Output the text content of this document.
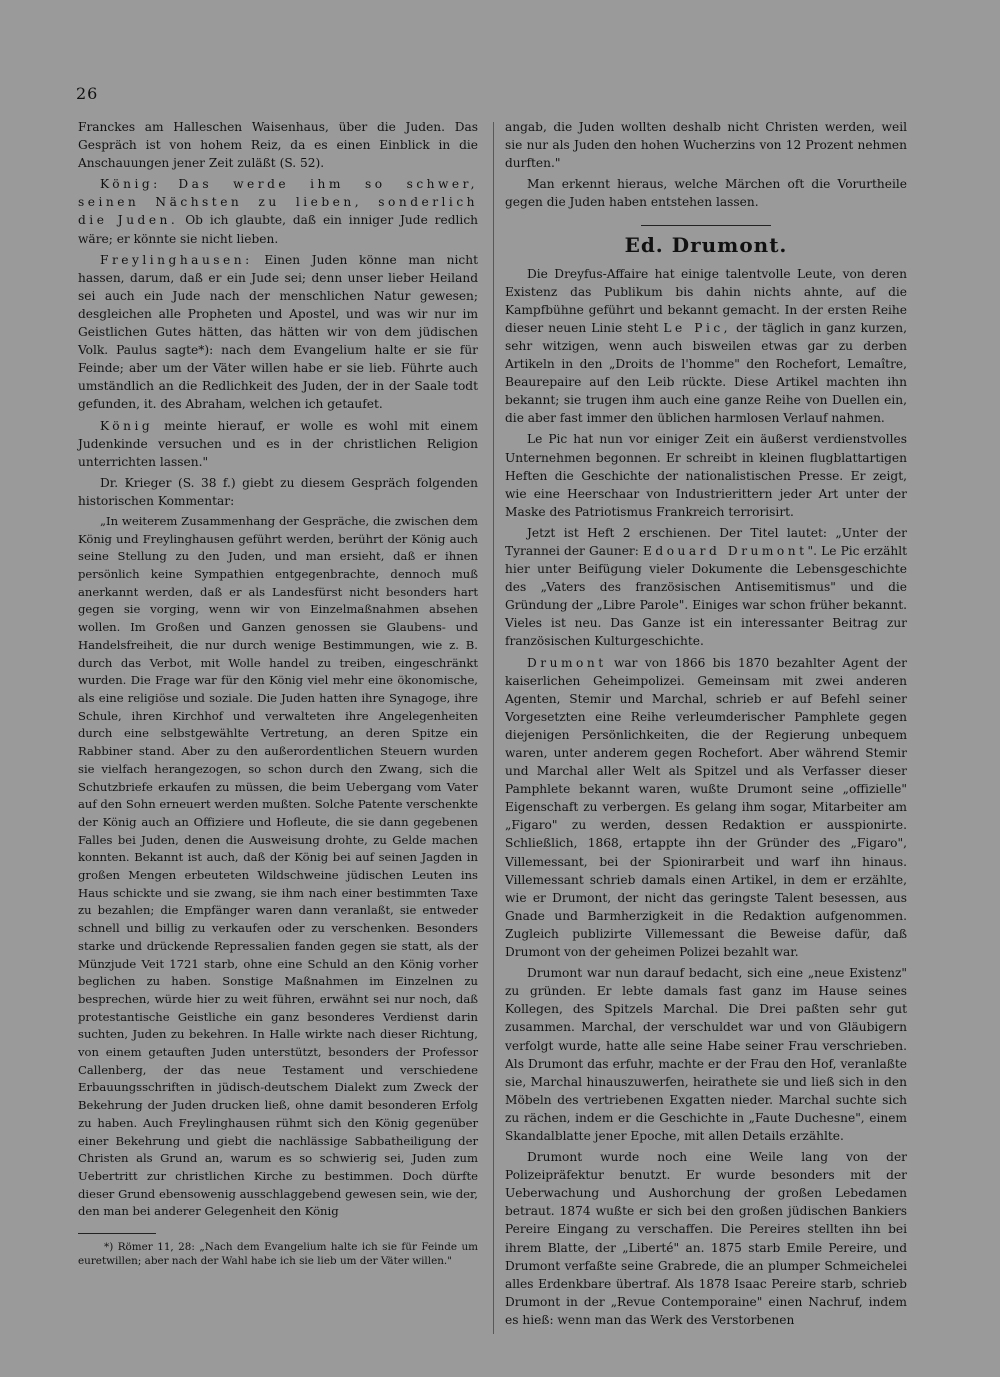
26

Franckes am Halleschen Waisenhaus, über die Juden. Das Gespräch ist von hohem Reiz, da es einen Einblick in die Anschauungen jener Zeit zuläßt (S. 52).

König: Das werde ihm so schwer, seinen Nächsten zu lieben, sonderlich die Juden. Ob ich glaubte, daß ein inniger Jude redlich wäre; er könnte sie nicht lieben.

Freylinghausen: Einen Juden könne man nicht hassen, darum, daß er ein Jude sei; denn unser lieber Heiland sei auch ein Jude nach der menschlichen Natur gewesen; desgleichen alle Propheten und Apostel, und was wir nur im Geistlichen Gutes hätten, das hätten wir von dem jüdischen Volk. Paulus sagte*): nach dem Evangelium halte er sie für Feinde; aber um der Väter willen habe er sie lieb. Führte auch umständlich an die Redlichkeit des Juden, der in der Saale todt gefunden, it. des Abraham, welchen ich getaufet.

König meinte hierauf, er wolle es wohl mit einem Judenkinde versuchen und es in der christlichen Religion unterrichten lassen."

Dr. Krieger (S. 38 f.) giebt zu diesem Gespräch folgenden historischen Kommentar:

„In weiterem Zusammenhang der Gespräche, die zwischen dem König und Freylinghausen geführt werden, berührt der König auch seine Stellung zu den Juden, und man ersieht, daß er ihnen persönlich keine Sympathien entgegenbrachte, dennoch muß anerkannt werden, daß er als Landesfürst nicht besonders hart gegen sie vorging, wenn wir von Einzelmaßnahmen absehen wollen. Im Großen und Ganzen genossen sie Glaubens- und Handelsfreiheit, die nur durch wenige Bestimmungen, wie z. B. durch das Verbot, mit Wolle handel zu treiben, eingeschränkt wurden. Die Frage war für den König viel mehr eine ökonomische, als eine religiöse und soziale. Die Juden hatten ihre Synagoge, ihre Schule, ihren Kirchhof und verwalteten ihre Angelegenheiten durch eine selbstgewählte Vertretung, an deren Spitze ein Rabbiner stand. Aber zu den außerordentlichen Steuern wurden sie vielfach herangezogen, so schon durch den Zwang, sich die Schutzbriefe erkaufen zu müssen, die beim Uebergang vom Vater auf den Sohn erneuert werden mußten. Solche Patente verschenkte der König auch an Offiziere und Hofleute, die sie dann gegebenen Falles bei Juden, denen die Ausweisung drohte, zu Gelde machen konnten. Bekannt ist auch, daß der König bei auf seinen Jagden in großen Mengen erbeuteten Wildschweine jüdischen Leuten ins Haus schickte und sie zwang, sie ihm nach einer bestimmten Taxe zu bezahlen; die Empfänger waren dann veranlaßt, sie entweder schnell und billig zu verkaufen oder zu verschenken. Besonders starke und drückende Repressalien fanden gegen sie statt, als der Münzjude Veit 1721 starb, ohne eine Schuld an den König vorher beglichen zu haben. Sonstige Maßnahmen im Einzelnen zu besprechen, würde hier zu weit führen, erwähnt sei nur noch, daß protestantische Geistliche ein ganz besonderes Verdienst darin suchten, Juden zu bekehren. In Halle wirkte nach dieser Richtung, von einem getauften Juden unterstützt, besonders der Professor Callenberg, der das neue Testament und verschiedene Erbauungsschriften in jüdisch-deutschem Dialekt zum Zweck der Bekehrung der Juden drucken ließ, ohne damit besonderen Erfolg zu haben. Auch Freylinghausen rühmt sich den König gegenüber einer Bekehrung und giebt die nachlässige Sabbatheiligung der Christen als Grund an, warum es so schwierig sei, Juden zum Uebertritt zur christlichen Kirche zu bestimmen. Doch dürfte dieser Grund ebensowenig ausschlaggebend gewesen sein, wie der, den man bei anderer Gelegenheit den König

*) Römer 11, 28: „Nach dem Evangelium halte ich sie für Feinde um euretwillen; aber nach der Wahl habe ich sie lieb um der Väter willen."

angab, die Juden wollten deshalb nicht Christen werden, weil sie nur als Juden den hohen Wucherzins von 12 Prozent nehmen durften."

Man erkennt hieraus, welche Märchen oft die Vorurtheile gegen die Juden haben entstehen lassen.

Ed. Drumont.

Die Dreyfus-Affaire hat einige talentvolle Leute, von deren Existenz das Publikum bis dahin nichts ahnte, auf die Kampfbühne geführt und bekannt gemacht. In der ersten Reihe dieser neuen Linie steht Le Pic, der täglich in ganz kurzen, sehr witzigen, wenn auch bisweilen etwas gar zu derben Artikeln in den „Droits de l'homme" den Rochefort, Lemaître, Beaurepaire auf den Leib rückte. Diese Artikel machten ihn bekannt; sie trugen ihm auch eine ganze Reihe von Duellen ein, die aber fast immer den üblichen harmlosen Verlauf nahmen.

Le Pic hat nun vor einiger Zeit ein äußerst verdienstvolles Unternehmen begonnen. Er schreibt in kleinen flugblattartigen Heften die Geschichte der nationalistischen Presse. Er zeigt, wie eine Heerschaar von Industrierittern jeder Art unter der Maske des Patriotismus Frankreich terrorisirt.

Jetzt ist Heft 2 erschienen. Der Titel lautet: „Unter der Tyrannei der Gauner: Edouard Drumont". Le Pic erzählt hier unter Beifügung vieler Dokumente die Lebensgeschichte des „Vaters des französischen Antisemitismus" und die Gründung der „Libre Parole". Einiges war schon früher bekannt. Vieles ist neu. Das Ganze ist ein interessanter Beitrag zur französischen Kulturgeschichte.

Drumont war von 1866 bis 1870 bezahlter Agent der kaiserlichen Geheimpolizei. Gemeinsam mit zwei anderen Agenten, Stemir und Marchal, schrieb er auf Befehl seiner Vorgesetzten eine Reihe verleumderischer Pamphlete gegen diejenigen Persönlichkeiten, die der Regierung unbequem waren, unter anderem gegen Rochefort. Aber während Stemir und Marchal aller Welt als Spitzel und als Verfasser dieser Pamphlete bekannt waren, wußte Drumont seine „offizielle" Eigenschaft zu verbergen. Es gelang ihm sogar, Mitarbeiter am „Figaro" zu werden, dessen Redaktion er ausspionirte. Schließlich, 1868, ertappte ihn der Gründer des „Figaro", Villemessant, bei der Spionirarbeit und warf ihn hinaus. Villemessant schrieb damals einen Artikel, in dem er erzählte, wie er Drumont, der nicht das geringste Talent besessen, aus Gnade und Barmherzigkeit in die Redaktion aufgenommen. Zugleich publizirte Villemessant die Beweise dafür, daß Drumont von der geheimen Polizei bezahlt war.

Drumont war nun darauf bedacht, sich eine „neue Existenz" zu gründen. Er lebte damals fast ganz im Hause seines Kollegen, des Spitzels Marchal. Die Drei paßten sehr gut zusammen. Marchal, der verschuldet war und von Gläubigern verfolgt wurde, hatte alle seine Habe seiner Frau verschrieben. Als Drumont das erfuhr, machte er der Frau den Hof, veranlaßte sie, Marchal hinauszuwerfen, heirathete sie und ließ sich in den Möbeln des vertriebenen Exgatten nieder. Marchal suchte sich zu rächen, indem er die Geschichte in „Faute Duchesne", einem Skandalblatte jener Epoche, mit allen Details erzählte.

Drumont wurde noch eine Weile lang von der Polizeipräfektur benutzt. Er wurde besonders mit der Ueberwachung und Aushorchung der großen Lebedamen betraut. 1874 wußte er sich bei den großen jüdischen Bankiers Pereire Eingang zu verschaffen. Die Pereires stellten ihn bei ihrem Blatte, der „Liberté" an. 1875 starb Emile Pereire, und Drumont verfaßte seine Grabrede, die an plumper Schmeichelei alles Erdenkbare übertraf. Als 1878 Isaac Pereire starb, schrieb Drumont in der „Revue Contemporaine" einen Nachruf, indem es hieß: wenn man das Werk des Verstorbenen
